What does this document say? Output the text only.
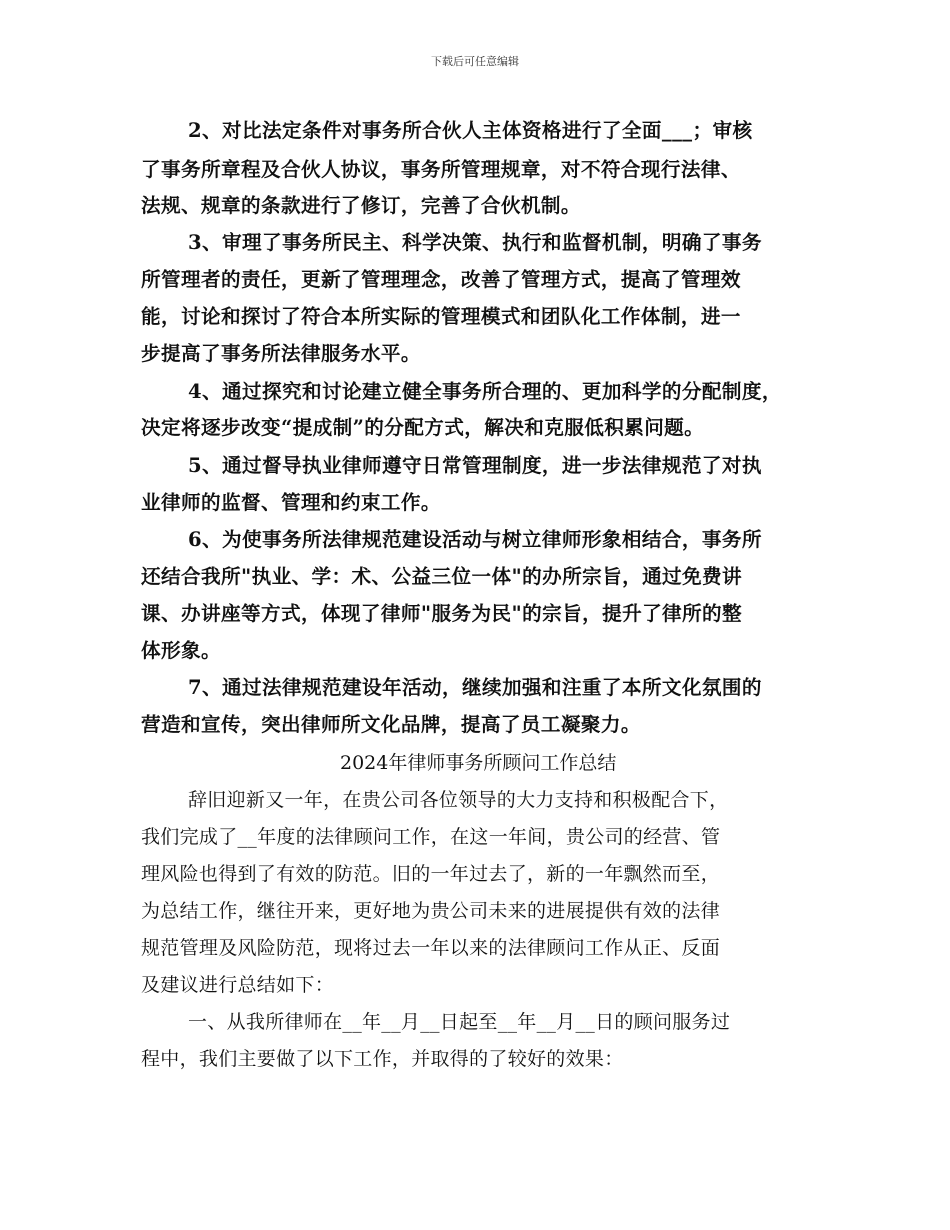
下载后可任意编辑

2、对比法定条件对事务所合伙人主体资格进行了全面___；审核

了事务所章程及合伙人协议，事务所管理规章，对不符合现行法律、

法规、规章的条款进行了修订，完善了合伙机制。

3、审理了事务所民主、科学决策、执行和监督机制，明确了事务

所管理者的责任，更新了管理理念，改善了管理方式，提高了管理效

能，讨论和探讨了符合本所实际的管理模式和团队化工作体制，进一

步提高了事务所法律服务水平。

4、通过探究和讨论建立健全事务所合理的、更加科学的分配制度，

决定将逐步改变“提成制”的分配方式，解决和克服低积累问题。

5、通过督导执业律师遵守日常管理制度，进一步法律规范了对执

业律师的监督、管理和约束工作。

6、为使事务所法律规范建设活动与树立律师形象相结合，事务所

还结合我所"执业、学：术、公益三位一体"的办所宗旨，通过免费讲

课、办讲座等方式，体现了律师"服务为民"的宗旨，提升了律所的整

体形象。

7、通过法律规范建设年活动，继续加强和注重了本所文化氛围的

营造和宣传，突出律师所文化品牌，提高了员工凝聚力。

2024年律师事务所顾问工作总结

辞旧迎新又一年，在贵公司各位领导的大力支持和积极配合下，

我们完成了__年度的法律顾问工作，在这一年间，贵公司的经营、管

理风险也得到了有效的防范。旧的一年过去了，新的一年飘然而至，

为总结工作，继往开来，更好地为贵公司未来的进展提供有效的法律

规范管理及风险防范，现将过去一年以来的法律顾问工作从正、反面

及建议进行总结如下：

一、从我所律师在__年__月__日起至__年__月__日的顾问服务过

程中，我们主要做了以下工作，并取得的了较好的效果：
